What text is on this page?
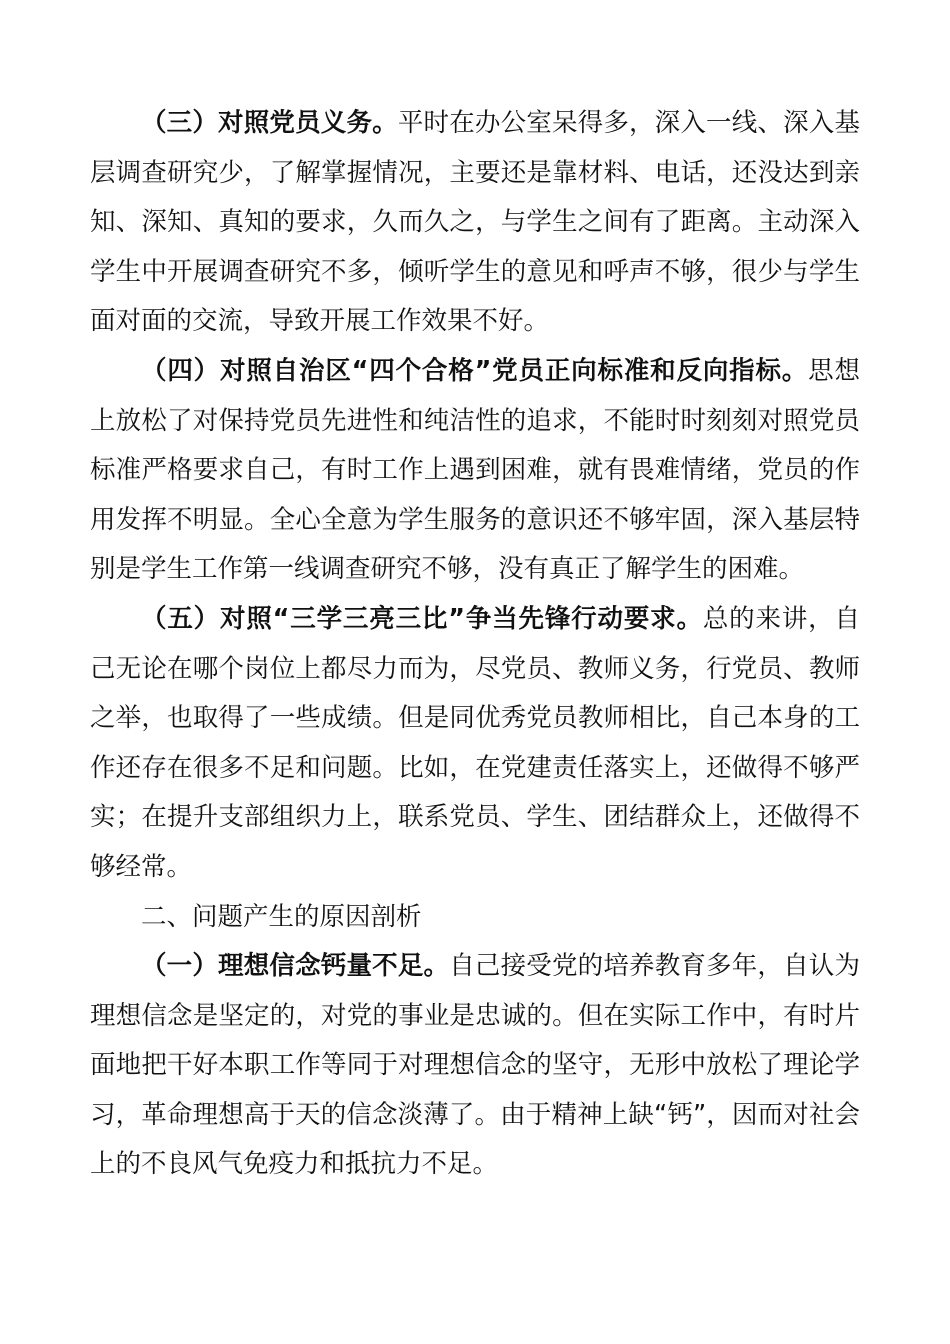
（三）对照党员义务。平时在办公室呆得多，深入一线、深入基层调查研究少，了解掌握情况，主要还是靠材料、电话，还没达到亲知、深知、真知的要求，久而久之，与学生之间有了距离。主动深入学生中开展调查研究不多，倾听学生的意见和呼声不够，很少与学生面对面的交流，导致开展工作效果不好。

（四）对照自治区“四个合格”党员正向标准和反向指标。思想上放松了对保持党员先进性和纯洁性的追求，不能时时刻刻对照党员标准严格要求自己，有时工作上遇到困难，就有畏难情绪，党员的作用发挥不明显。全心全意为学生服务的意识还不够牢固，深入基层特别是学生工作第一线调查研究不够，没有真正了解学生的困难。

（五）对照“三学三亮三比”争当先锋行动要求。总的来讲，自己无论在哪个岗位上都尽力而为，尽党员、教师义务，行党员、教师之举，也取得了一些成绩。但是同优秀党员教师相比，自己本身的工作还存在很多不足和问题。比如，在党建责任落实上，还做得不够严实；在提升支部组织力上，联系党员、学生、团结群众上，还做得不够经常。

二、问题产生的原因剖析

（一）理想信念钙量不足。自己接受党的培养教育多年，自认为理想信念是坚定的，对党的事业是忠诚的。但在实际工作中，有时片面地把干好本职工作等同于对理想信念的坚守，无形中放松了理论学习，革命理想高于天的信念淡薄了。由于精神上缺“钙”，因而对社会上的不良风气免疫力和抵抗力不足。
